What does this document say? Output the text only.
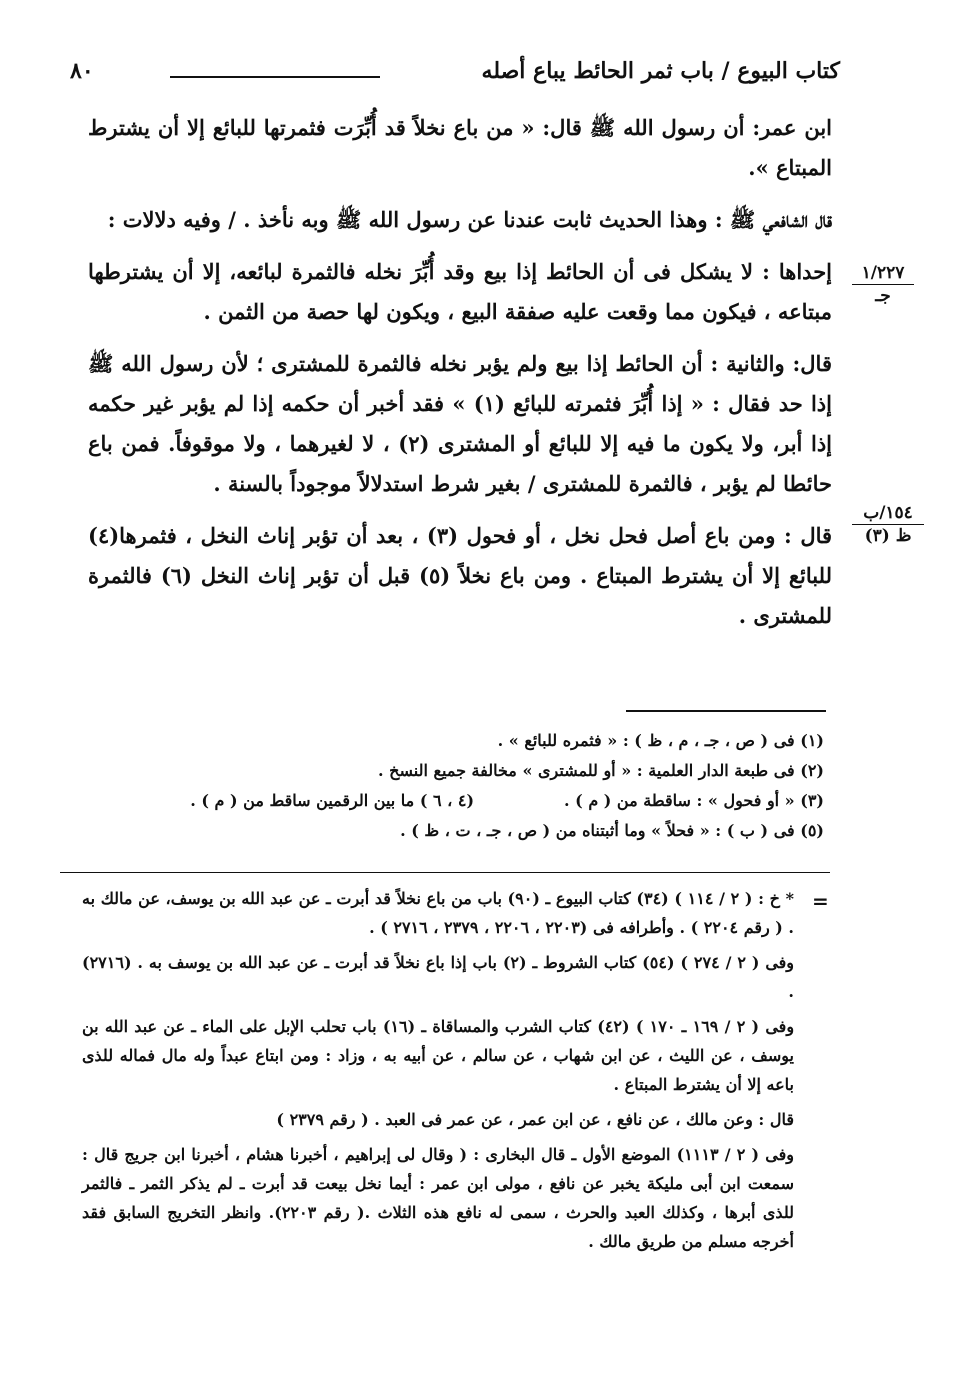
كتاب البيوع / باب ثمر الحائط يباع أصله
٨٠
١/٢٢٧
جـ
١٥٤/ب
ظ (٣)

ابن عمر: أن رسول الله ﷺ قال: « من باع نخلاً قد أُبِّرَت فثمرتها للبائع إلا أن يشترط المبتاع ».

قال الشافعي ﷺ : وهذا الحديث ثابت عندنا عن رسول الله ﷺ وبه نأخذ . / وفيه دلالات :

إحداها : لا يشكل فى أن الحائط إذا بيع وقد أُبِّرَ نخله فالثمرة لبائعه، إلا أن يشترطها مبتاعه ، فيكون مما وقعت عليه صفقة البيع ، ويكون لها حصة من الثمن .

قال: والثانية : أن الحائط إذا بيع ولم يؤبر نخله فالثمرة للمشترى ؛ لأن رسول الله ﷺ إذا حد فقال : « إذا أُبِّرَ فثمرته للبائع (١) » فقد أخبر أن حكمه إذا لم يؤبر غير حكمه إذا أبر، ولا يكون ما فيه إلا للبائع أو المشترى (٢) ، لا لغيرهما ، ولا موقوفاً. فمن باع حائطا لم يؤبر ، فالثمرة للمشترى / بغير شرط استدلالاً موجوداً بالسنة .

قال : ومن باع أصل فحل نخل ، أو فحول (٣) ، بعد أن تؤبر إناث النخل ، فثمرها(٤) للبائع إلا أن يشترط المبتاع . ومن باع نخلاً (٥) قبل أن تؤبر إناث النخل (٦) فالثمرة للمشترى .

(١) فى ( ص ، جـ ، م ، ظ ) : « فثمره للبائع » .
(٢) فى طبعة الدار العلمية : « أو للمشترى » مخالفة جميع النسخ .
(٣) « أو فحول » : ساقطة من ( م ) .
(٤ ، ٦ ) ما بين الرقمين ساقط من ( م ) .
(٥) فى ( ب ) : « فحلاً » وما أثبتناه من ( ص ، جـ ، ت ، ظ ) .
=

* خ : ( ٢ / ١١٤ ) (٣٤) كتاب البيوع ـ (٩٠) باب من باع نخلاً قد أبرت ـ عن عبد الله بن يوسف، عن مالك به . ( رقم ٢٢٠٤ ) . وأطرافه فى (٢٢٠٣ ، ٢٢٠٦ ، ٢٣٧٩ ، ٢٧١٦ ) .

وفى ( ٢ / ٢٧٤ ) (٥٤) كتاب الشروط ـ (٢) باب إذا باع نخلاً قد أبرت ـ عن عبد الله بن يوسف به . (٢٧١٦) .

وفى ( ٢ / ١٦٩ ـ ١٧٠ ) (٤٢) كتاب الشرب والمساقاة ـ (١٦) باب تحلب الإبل على الماء ـ عن عبد الله بن يوسف ، عن الليث ، عن ابن شهاب ، عن سالم ، عن أبيه به ، وزاد : ومن ابتاع عبداً وله مال فماله للذى باعه إلا أن يشترط المبتاع .

قال : وعن مالك ، عن نافع ، عن ابن عمر ، عن عمر فى العبد . ( رقم ٢٣٧٩ )

وفى ( ٢ / ١١١٣) الموضع الأول ـ قال البخارى : ( وقال لى إبراهيم ، أخبرنا هشام ، أخبرنا ابن جريج قال : سمعت ابن أبى مليكة يخبر عن نافع ، مولى ابن عمر : أيما نخل بيعت قد أبرت ـ لم يذكر الثمر ـ فالثمر للذى أبرها ، وكذلك العبد والحرث ، سمى له نافع هذه الثلاث .( رقم ٢٢٠٣). وانظر التخريج السابق فقد أخرجه مسلم من طريق مالك .
